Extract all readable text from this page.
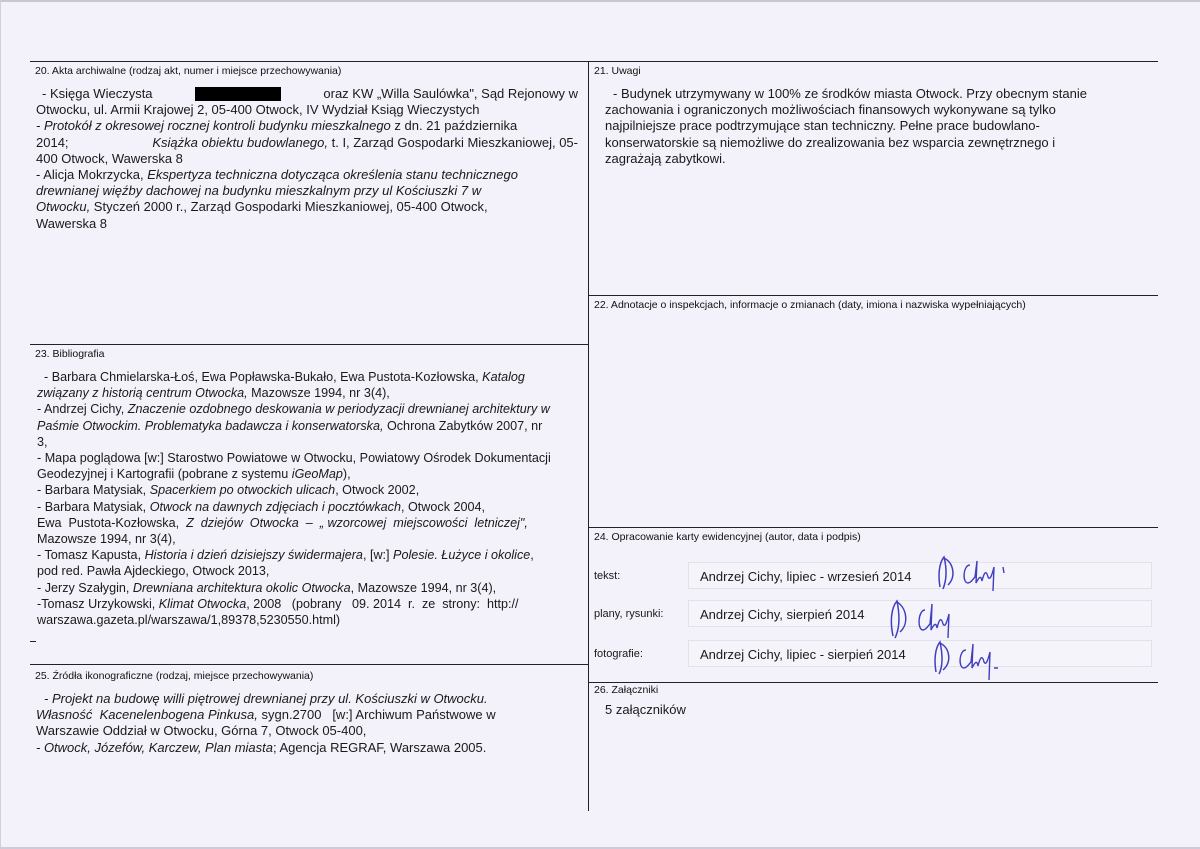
20. Akta archiwalne (rodzaj akt, numer i miejsce przechowywania)

- Księga Wieczysta	oraz KW „Willa Saulówka", Sąd Rejonowy w

Otwocku, ul. Armii Krajowej 2, 05-400 Otwock, IV Wydział Ksiąg Wieczystych

- Protokół z okresowej rocznej kontroli budynku mieszkalnego z dn. 21 października

2014;	Książka obiektu budowlanego, t. I, Zarząd Gospodarki Mieszkaniowej, 05-

400 Otwock, Wawerska 8

- Alicja Mokrzycka, Ekspertyza techniczna dotycząca określenia stanu technicznego

drewnianej więźby dachowej na budynku mieszkalnym przy ul Kościuszki 7 w

Otwocku, Styczeń 2000 r., Zarząd Gospodarki Mieszkaniowej, 05-400 Otwock,

Wawerska 8

21. Uwagi

- Budynek utrzymywany w 100% ze środków miasta Otwock. Przy obecnym stanie

zachowania i ograniczonych możliwościach finansowych wykonywane są tylko

najpilniejsze prace podtrzymujące stan techniczny. Pełne prace budowlano-

konserwatorskie są niemożliwe do zrealizowania bez wsparcia zewnętrznego i

zagrażają zabytkowi.

22. Adnotacje o inspekcjach, informacje o zmianach (daty, imiona i nazwiska wypełniających)
23. Bibliografia

- Barbara Chmielarska-Łoś, Ewa Popławska-Bukało, Ewa Pustota-Kozłowska, Katalog

związany z historią centrum Otwocka, Mazowsze 1994, nr 3(4),

- Andrzej Cichy, Znaczenie ozdobnego deskowania w periodyzacji drewnianej architektury w

Paśmie Otwockim. Problematyka badawcza i konserwatorska, Ochrona Zabytków 2007, nr

3,

- Mapa poglądowa [w:] Starostwo Powiatowe w Otwocku, Powiatowy Ośrodek Dokumentacji

Geodezyjnej i Kartografii (pobrane z systemu iGeoMap),

- Barbara Matysiak, Spacerkiem po otwockich ulicach, Otwock 2002,

- Barbara Matysiak, Otwock na dawnych zdjęciach i pocztówkach, Otwock 2004,

Ewa  Pustota-Kozłowska,  Z  dziejów  Otwocka  –  „ wzorcowej  miejscowości  letniczej",

Mazowsze 1994, nr 3(4),

- Tomasz Kapusta, Historia i dzień dzisiejszy świdermajera, [w:] Polesie. Łużyce i okolice,

pod red. Pawła Ajdeckiego, Otwock 2013,

- Jerzy Szałygin, Drewniana architektura okolic Otwocka, Mazowsze 1994, nr 3(4),

-Tomasz Urzykowski, Klimat Otwocka, 2008   (pobrany   09. 2014  r.  ze  strony:  http://

warszawa.gazeta.pl/warszawa/1,89378,5230550.html)

24. Opracowanie karty ewidencyjnej (autor, data i podpis)
tekst:	Andrzej Cichy, lipiec - wrzesień 2014
plany, rysunki:	Andrzej Cichy, sierpień 2014
fotografie:	Andrzej Cichy, lipiec - sierpień 2014
25. Źródła ikonograficzne (rodzaj, miejsce przechowywania)

- Projekt na budowę willi piętrowej drewnianej przy ul. Kościuszki w Otwocku.

Własność  Kacenelenbogena Pinkusa, sygn.2700   [w:] Archiwum Państwowe w

Warszawie Oddział w Otwocku, Górna 7, Otwock 05-400,

- Otwock, Józefów, Karczew, Plan miasta; Agencja REGRAF, Warszawa 2005.

26. Załączniki
5 załączników
